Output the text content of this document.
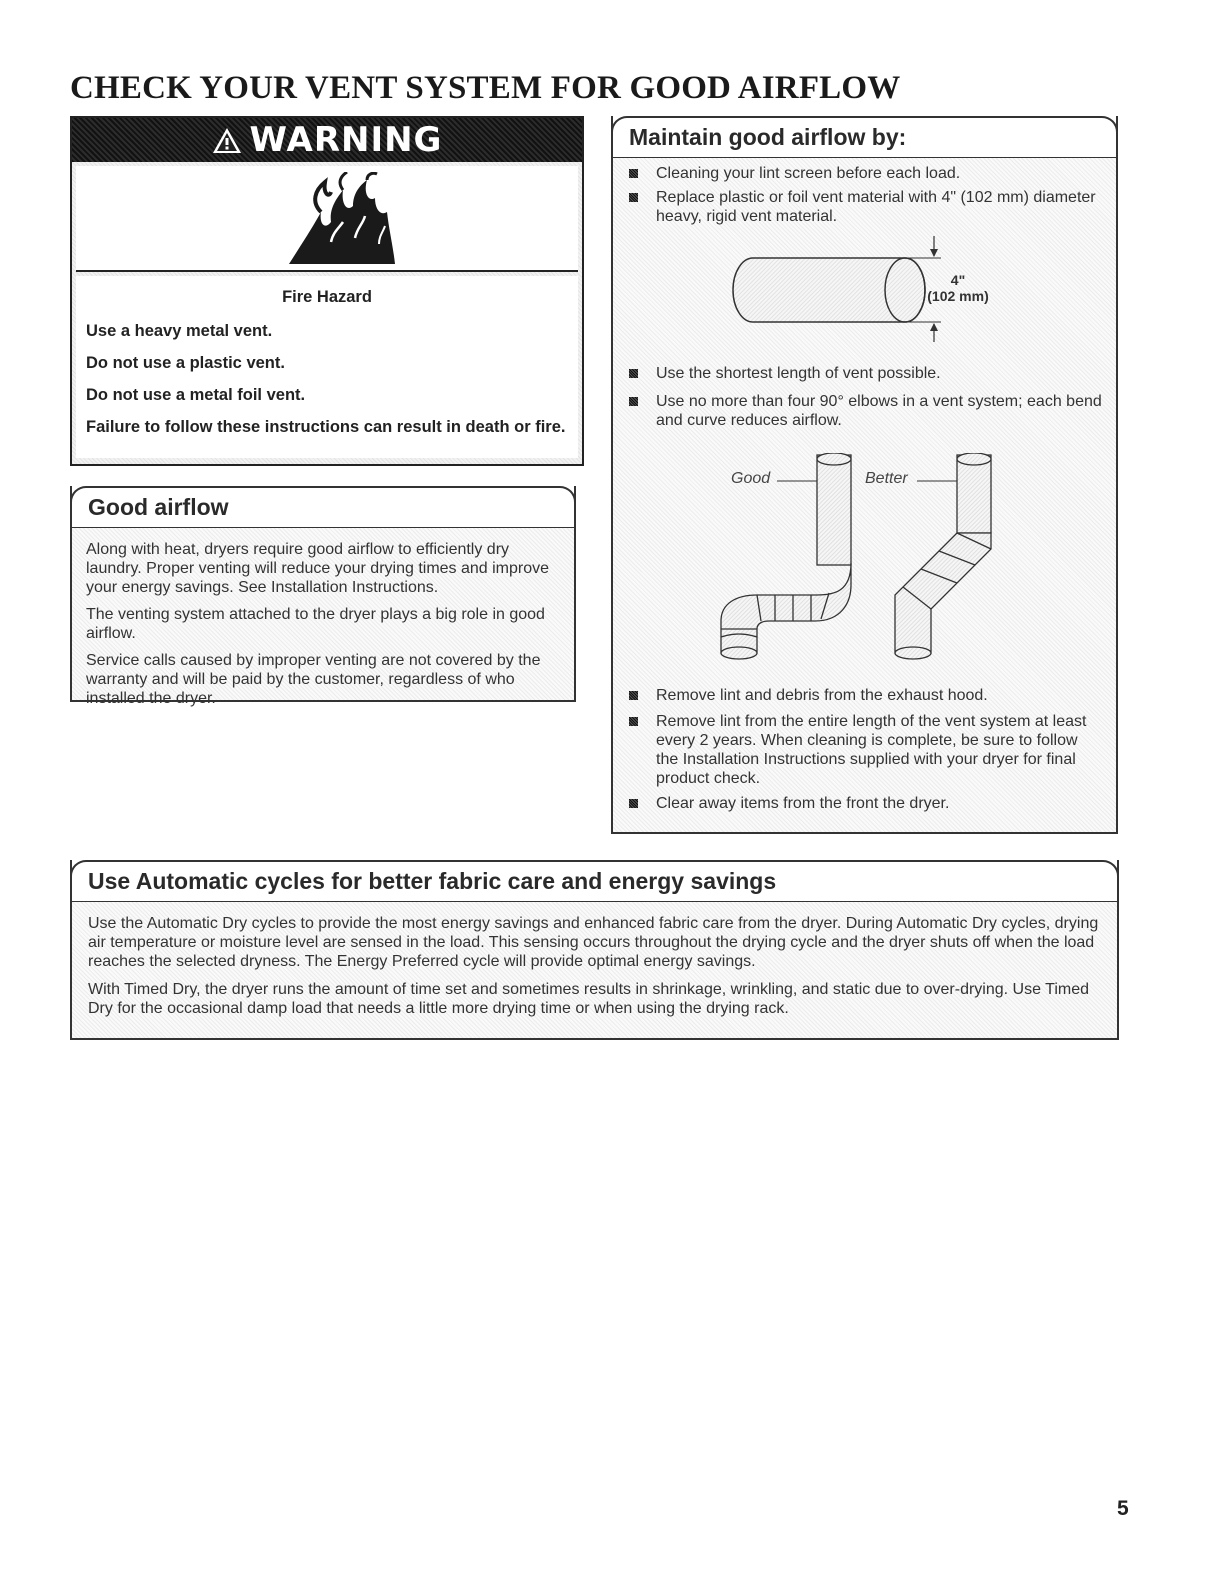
CHECK YOUR VENT SYSTEM FOR GOOD AIRFLOW
WARNING
Fire Hazard

Use a heavy metal vent.

Do not use a plastic vent.

Do not use a metal foil vent.

Failure to follow these instructions can result in death or fire.

Good airflow

Along with heat, dryers require good airflow to efficiently dry laundry. Proper venting will reduce your drying times and improve your energy savings. See Installation Instructions.

The venting system attached to the dryer plays a big role in good airflow.

Service calls caused by improper venting are not covered by the warranty and will be paid by the customer, regardless of who installed the dryer.

Maintain good airflow by:
Cleaning your lint screen before each load.
Replace plastic or foil vent material with 4" (102 mm) diameter heavy, rigid vent material.
4"
(102 mm)
Use the shortest length of vent possible.
Use no more than four 90° elbows in a vent system; each bend and curve reduces airflow.
Good	Better
Remove lint and debris from the exhaust hood.
Remove lint from the entire length of the vent system at least every 2 years. When cleaning is complete, be sure to follow the Installation Instructions supplied with your dryer for final product check.
Clear away items from the front the dryer.
Use Automatic cycles for better fabric care and energy savings

Use the Automatic Dry cycles to provide the most energy savings and enhanced fabric care from the dryer. During Automatic Dry cycles, drying air temperature or moisture level are sensed in the load. This sensing occurs throughout the drying cycle and the dryer shuts off when the load reaches the selected dryness. The Energy Preferred cycle will provide optimal energy savings.

With Timed Dry, the dryer runs the amount of time set and sometimes results in shrinkage, wrinkling, and static due to over-drying. Use Timed Dry for the occasional damp load that needs a little more drying time or when using the drying rack.

5
